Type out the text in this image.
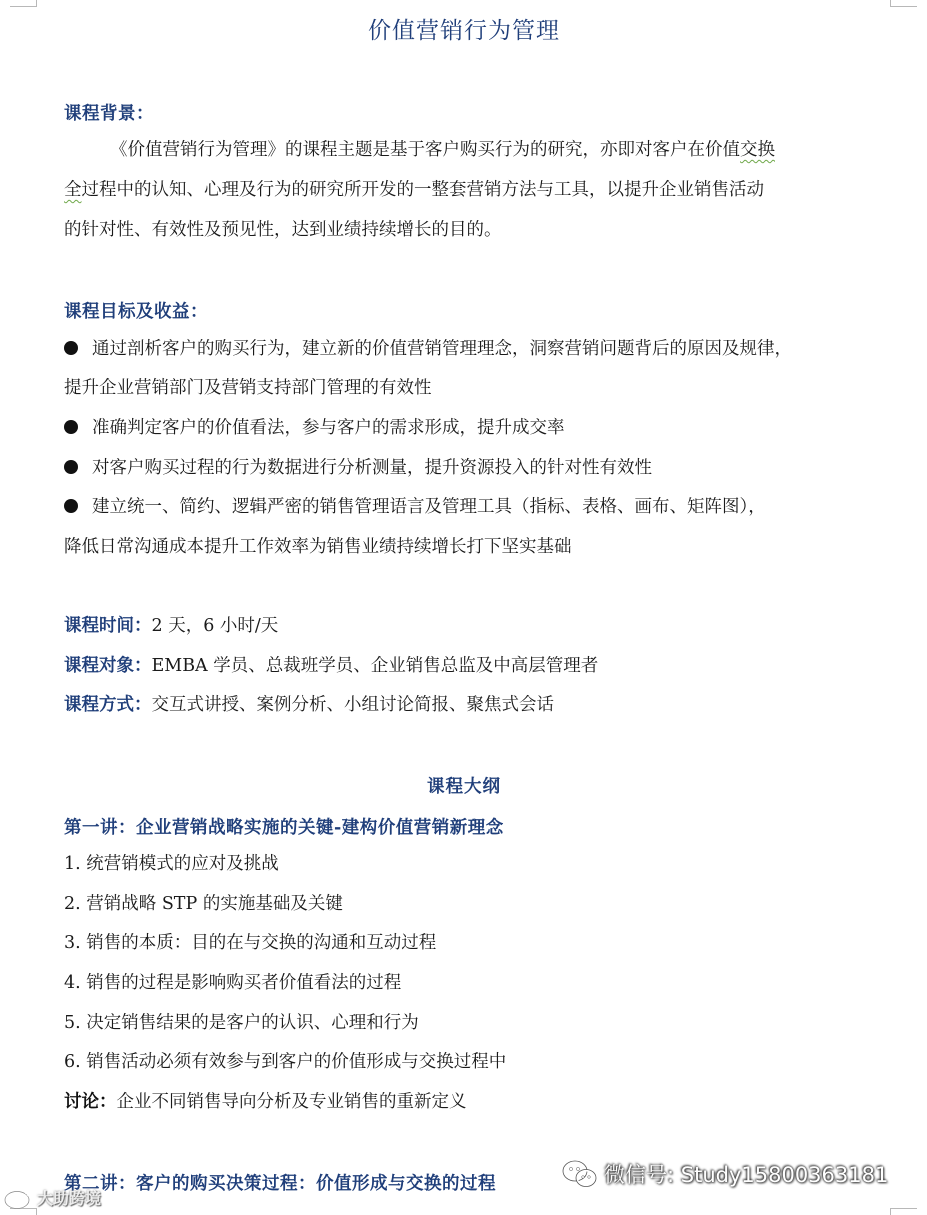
价值营销行为管理
课程背景：
《价值营销行为管理》的课程主题是基于客户购买行为的研究，亦即对客户在价值交换
全过程中的认知、心理及行为的研究所开发的一整套营销方法与工具，以提升企业销售活动
的针对性、有效性及预见性，达到业绩持续增长的目的。
课程目标及收益：
通过剖析客户的购买行为，建立新的价值营销管理理念，洞察营销问题背后的原因及规律，
提升企业营销部门及营销支持部门管理的有效性
准确判定客户的价值看法，参与客户的需求形成，提升成交率
对客户购买过程的行为数据进行分析测量，提升资源投入的针对性有效性
建立统一、简约、逻辑严密的销售管理语言及管理工具（指标、表格、画布、矩阵图），
降低日常沟通成本提升工作效率为销售业绩持续增长打下坚实基础
课程时间：2 天，6 小时/天
课程对象：EMBA 学员、总裁班学员、企业销售总监及中高层管理者
课程方式：交互式讲授、案例分析、小组讨论简报、聚焦式会话
课程大纲
第一讲：企业营销战略实施的关键-建构价值营销新理念
1. 统营销模式的应对及挑战
2. 营销战略 STP 的实施基础及关键
3. 销售的本质：目的在与交换的沟通和互动过程
4. 销售的过程是影响购买者价值看法的过程
5. 决定销售结果的是客户的认识、心理和行为
6. 销售活动必须有效参与到客户的价值形成与交换过程中
讨论：企业不同销售导向分析及专业销售的重新定义
第二讲：客户的购买决策过程：价值形成与交换的过程	微信号: Study15800363181
大助跨境
